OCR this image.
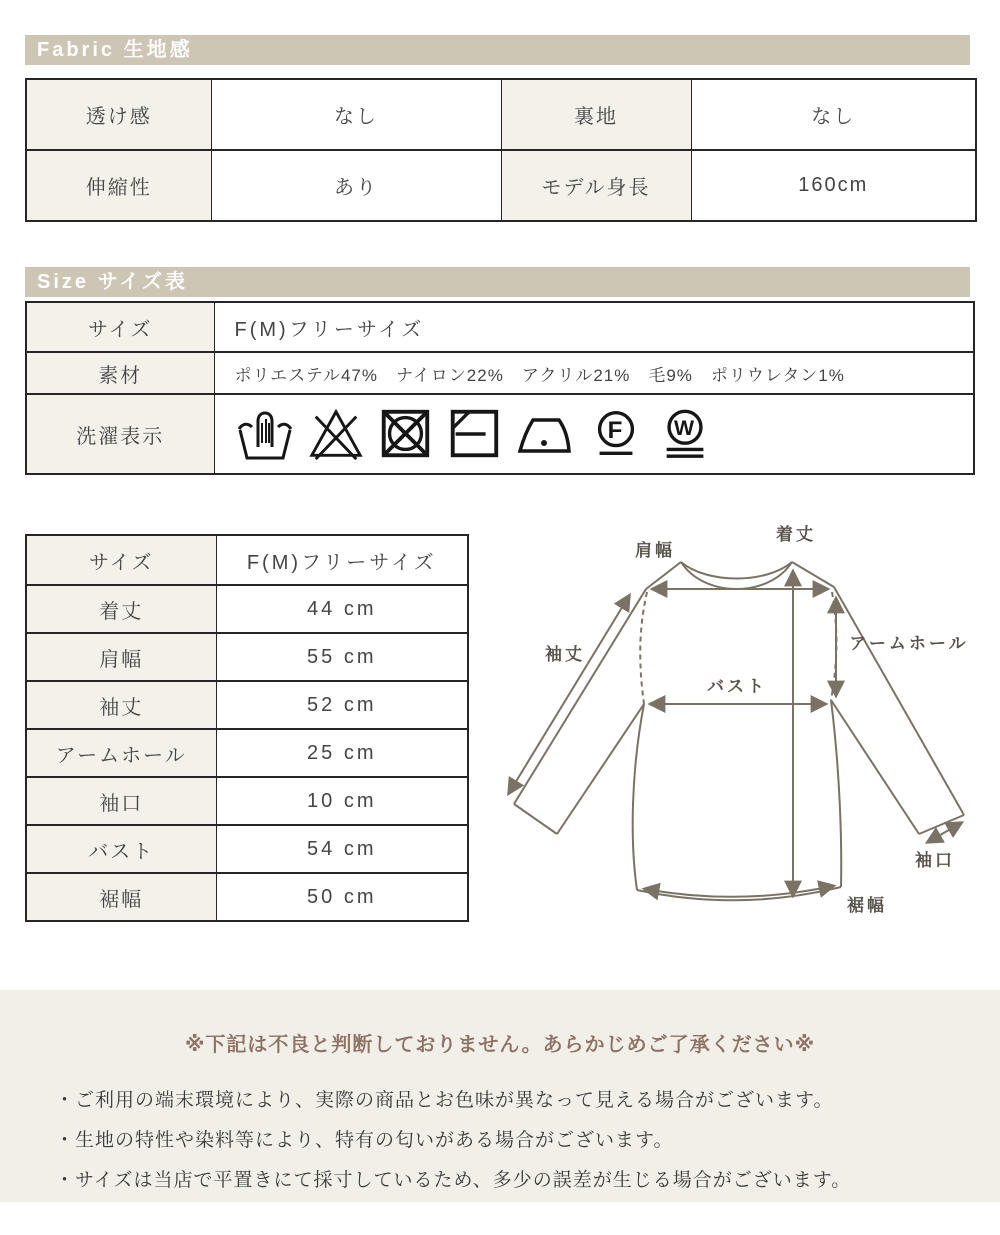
Fabric 生地感
透け感	なし	裏地	なし
伸縮性	あり	モデル身長	160cm
Size サイズ表
サイズ	F(M)フリーサイズ
素材	ポリエステル47%　ナイロン22%　アクリル21%　毛9%　ポリウレタン1%
洗濯表示	F W
サイズ	F(M)フリーサイズ
着丈	44 cm
肩幅	55 cm
袖丈	52 cm
アームホール	25 cm
袖口	10 cm
バスト	54 cm
裾幅	50 cm
肩幅
着丈
袖丈
アームホール
バスト
袖口
裾幅
※下記は不良と判断しておりません。あらかじめご了承ください※
・ご利用の端末環境により、実際の商品とお色味が異なって見える場合がございます。
・生地の特性や染料等により、特有の匂いがある場合がございます。
・サイズは当店で平置きにて採寸しているため、多少の誤差が生じる場合がございます。
